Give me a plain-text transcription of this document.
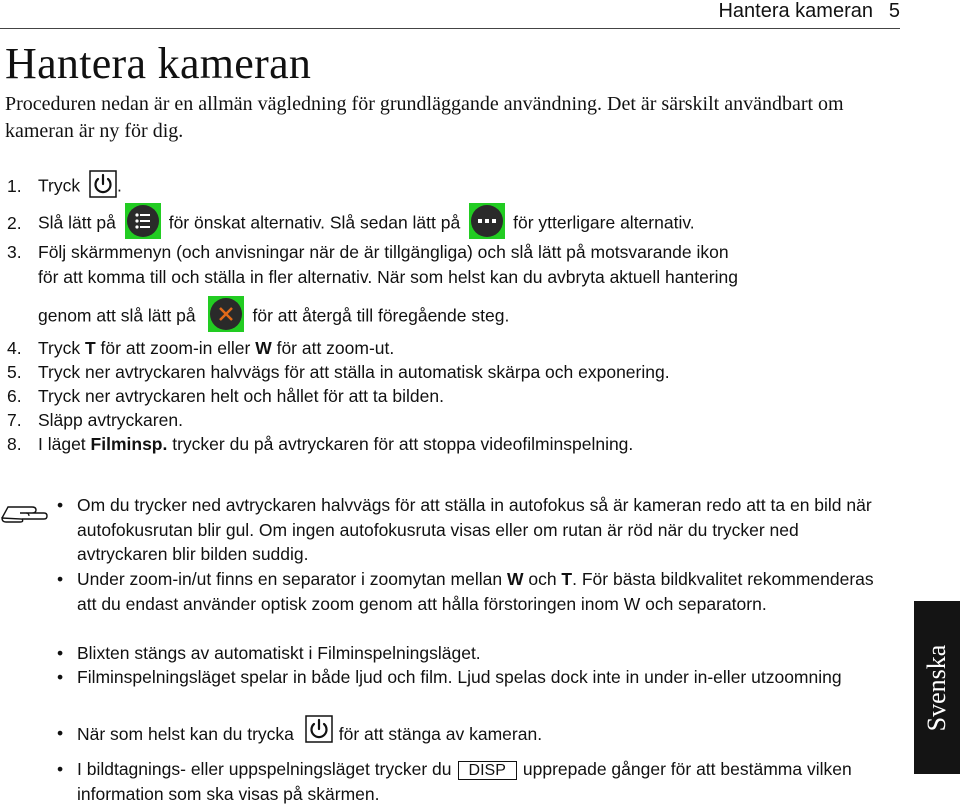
Hantera kameran 5
Hantera kameran

Proceduren nedan är en allmän vägledning för grundläggande användning. Det är särskilt användbart om kameran är ny för dig.

1. Tryck .
2. Slå lätt på	för önskat alternativ. Slå sedan lätt på	för ytterligare alternativ.
3. Följ skärmmenyn (och anvisningar när de är tillgängliga) och slå lätt på motsvarande ikon
för att komma till och ställa in fler alternativ. När som helst kan du avbryta aktuell hantering
genom att slå lätt på	för att återgå till föregående steg.
4. Tryck T för att zoom-in eller W för att zoom-ut.
5. Tryck ner avtryckaren halvvägs för att ställa in automatisk skärpa och exponering.
6. Tryck ner avtryckaren helt och hållet för att ta bilden.
7. Släpp avtryckaren.
8. I läget Filminsp. trycker du på avtryckaren för att stoppa videofilminspelning.
• Om du trycker ned avtryckaren halvvägs för att ställa in autofokus så är kameran redo att ta en bild när autofokusrutan blir gul. Om ingen autofokusruta visas eller om rutan är röd när du trycker ned avtryckaren blir bilden suddig.
• Under zoom-in/ut finns en separator i zoomytan mellan W och T. För bästa bildkvalitet rekommenderas att du endast använder optisk zoom genom att hålla förstoringen inom W och separatorn.
• Blixten stängs av automatiskt i Filminspelningsläget.
• Filminspelningsläget spelar in både ljud och film. Ljud spelas dock inte in under in-eller utzoomning
• När som helst kan du trycka	för att stänga av kameran.
• I bildtagnings- eller uppspelningsläget trycker du DISP upprepade gånger för att bestämma vilken information som ska visas på skärmen.
Svenska
